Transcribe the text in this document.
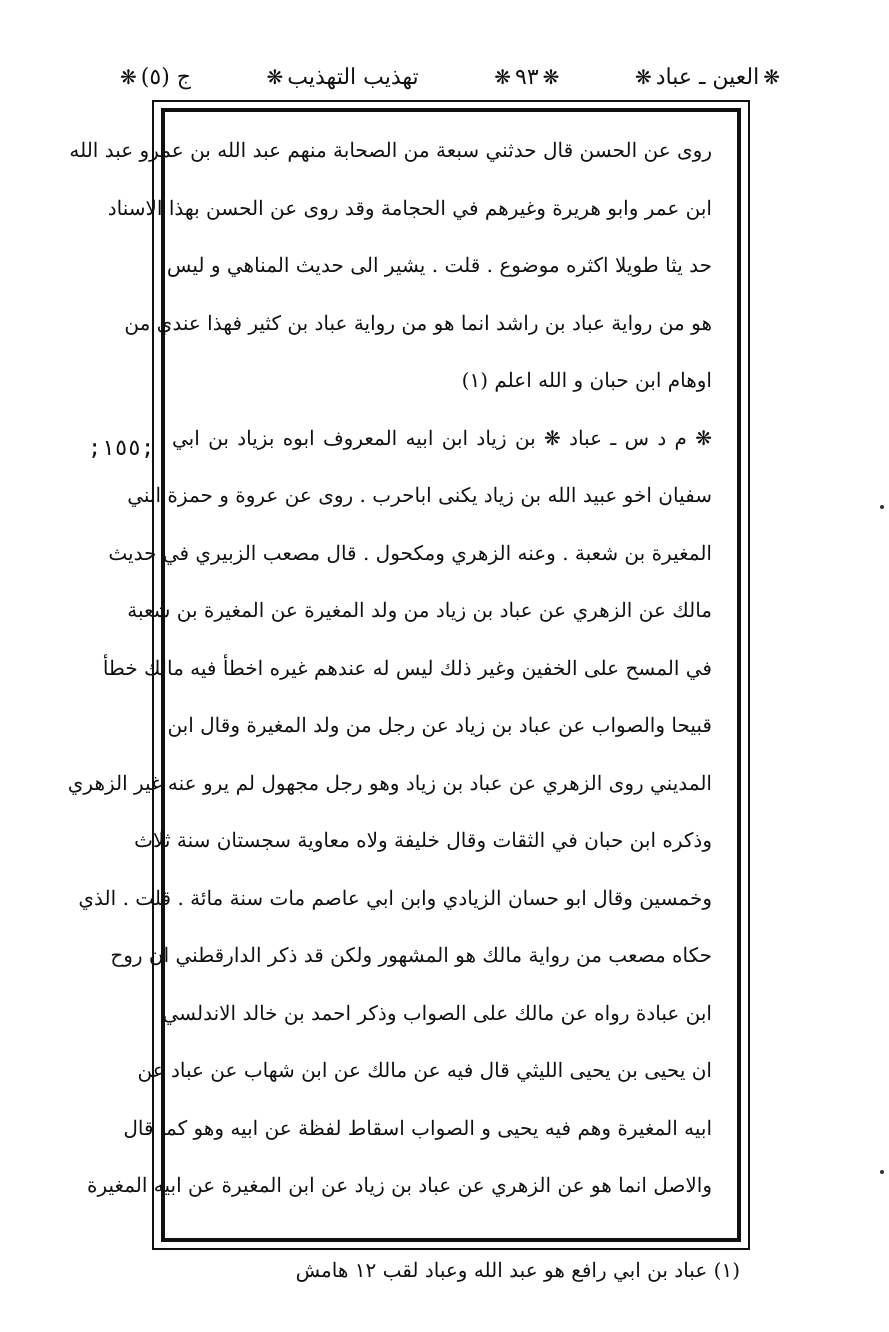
ج (٥)
❋	تهذيب التهذيب
❋	❋
٩٣
❋	❋
العين ـ عباد
❋
;١٥٥;
روى عن الحسن قال حدثني سبعة من الصحابة منهم عبد الله بن عمرو عبد الله
ابن عمر وابو هريرة وغيرهم في الحجامة وقد روى عن الحسن بهذا الاسناد
حد يثا طويلا اكثره موضوع . قلت . يشير الى حديث المناهي و ليس
هو من رواية عباد بن راشد انما هو من رواية عباد بن كثير فهذا عندي من
اوهام ابن حبان و الله اعلم (١)
❋ م د س ـ عباد ❋ بن زياد ابن ابيه المعروف ابوه بزياد بن ابي
سفيان اخو عبيد الله بن زياد يكنى اباحرب . روى عن عروة و حمزة ابني
المغيرة بن شعبة . وعنه الزهري ومكحول . قال مصعب الزبيري في حديث
مالك عن الزهري عن عباد بن زياد من ولد المغيرة عن المغيرة بن شعبة
في المسح على الخفين وغير ذلك ليس له عندهم غيره اخطأ فيه مالك خطأ
قبيحا والصواب عن عباد بن زياد عن رجل من ولد المغيرة وقال ابن
المديني روى الزهري عن عباد بن زياد وهو رجل مجهول لم يرو عنه غير الزهري
وذكره ابن حبان في الثقات وقال خليفة ولاه معاوية سجستان سنة ثلاث
وخمسين وقال ابو حسان الزيادي وابن ابي عاصم مات سنة مائة . قلت . الذي
حكاه مصعب من رواية مالك هو المشهور ولكن قد ذكر الدارقطني ان روح
ابن عبادة رواه عن مالك على الصواب وذكر احمد بن خالد الاندلسي
ان يحيى بن يحيى الليثي قال فيه عن مالك عن ابن شهاب عن عباد عن
ابيه المغيرة وهم فيه يحيى و الصواب اسقاط لفظة عن ابيه وهو كما قال
والاصل انما هو عن الزهري عن عباد بن زياد عن ابن المغيرة عن ابيه المغيرة
(١) عباد بن ابي رافع هو عبد الله وعباد لقب ١٢ هامش
